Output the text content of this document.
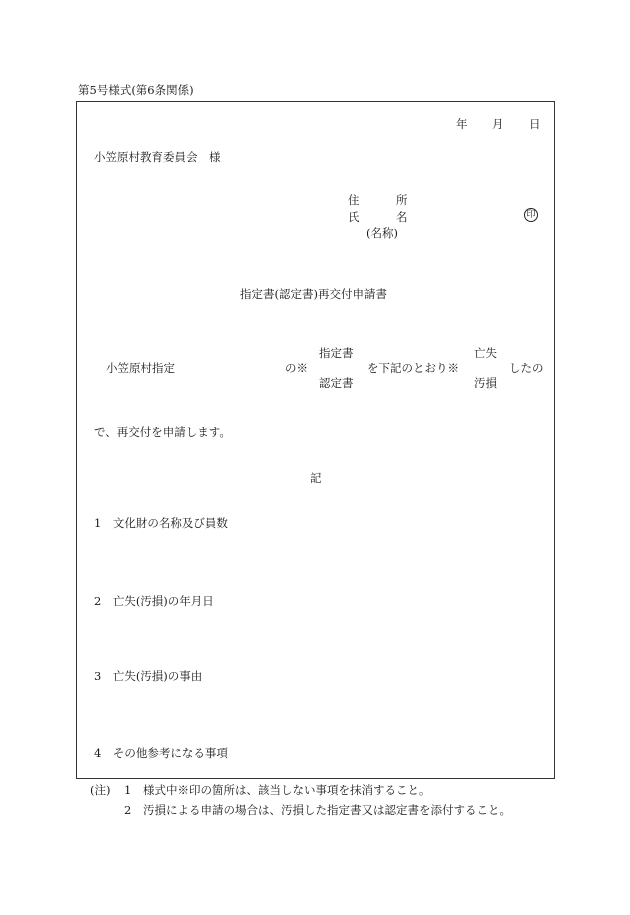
第5号様式(第6条関係)
年 月 日
小笠原村教育委員会　様
住	所
氏	名
(名称)
印
指定書(認定書)再交付申請書
小笠原村指定	の※
指定書
認定書
を下記のとおり※
亡失
汚損
したの
で、再交付を申請します。
記
1　文化財の名称及び員数
2　亡失(汚損)の年月日
3　亡失(汚損)の事由
4　その他参考になる事項
(注) 1 様式中※印の箇所は、該当しない事項を抹消すること。
2 汚損による申請の場合は、汚損した指定書又は認定書を添付すること。
